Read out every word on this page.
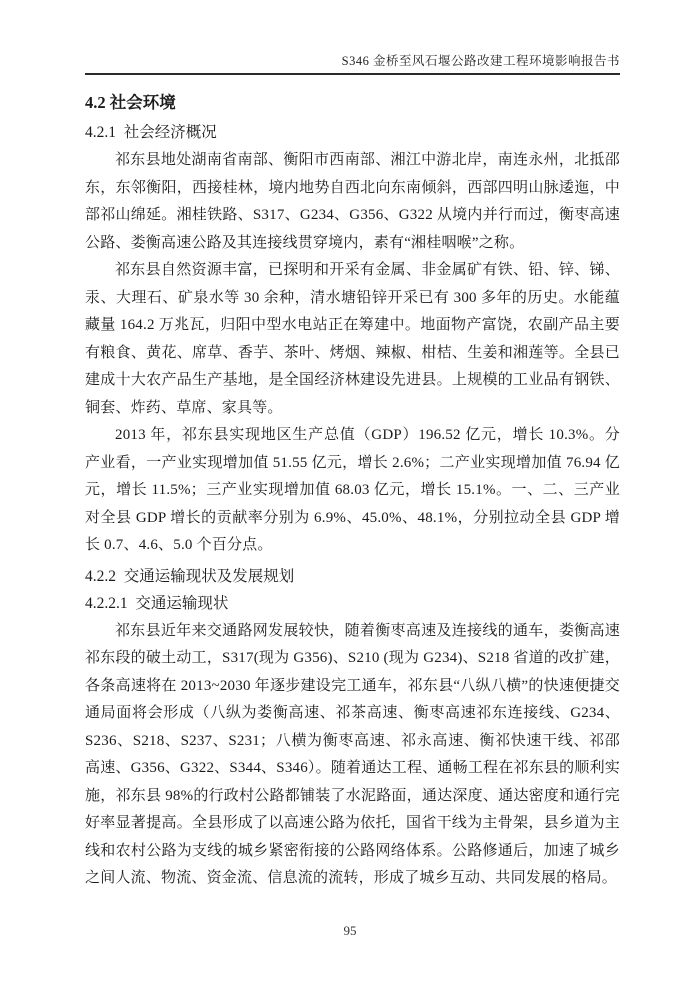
S346 金桥至风石堰公路改建工程环境影响报告书
4.2 社会环境
4.2.1  社会经济概况

祁东县地处湖南省南部、衡阳市西南部、湘江中游北岸，南连永州，北抵邵东，东邻衡阳，西接桂林，境内地势自西北向东南倾斜，西部四明山脉逶迤，中部祁山绵延。湘桂铁路、S317、G234、G356、G322 从境内并行而过，衡枣高速公路、娄衡高速公路及其连接线贯穿境内，素有“湘桂咽喉”之称。

祁东县自然资源丰富，已探明和开采有金属、非金属矿有铁、铅、锌、锑、汞、大理石、矿泉水等 30 余种，清水塘铅锌开采已有 300 多年的历史。水能蕴藏量 164.2 万兆瓦，归阳中型水电站正在筹建中。地面物产富饶，农副产品主要有粮食、黄花、席草、香芋、茶叶、烤烟、辣椒、柑桔、生姜和湘莲等。全县已建成十大农产品生产基地，是全国经济林建设先进县。上规模的工业品有钢铁、铜套、炸药、草席、家具等。

2013 年，祁东县实现地区生产总值（GDP）196.52 亿元，增长 10.3%。分产业看，一产业实现增加值 51.55 亿元，增长 2.6%；二产业实现增加值 76.94 亿元，增长 11.5%；三产业实现增加值 68.03 亿元，增长 15.1%。一、二、三产业对全县 GDP 增长的贡献率分别为 6.9%、45.0%、48.1%，分别拉动全县 GDP 增长 0.7、4.6、5.0 个百分点。

4.2.2  交通运输现状及发展规划
4.2.2.1  交通运输现状

祁东县近年来交通路网发展较快，随着衡枣高速及连接线的通车，娄衡高速祁东段的破土动工，S317(现为 G356)、S210 (现为 G234)、S218 省道的改扩建，各条高速将在 2013~2030 年逐步建设完工通车，祁东县“八纵八横”的快速便捷交通局面将会形成（八纵为娄衡高速、祁茶高速、衡枣高速祁东连接线、G234、S236、S218、S237、S231；八横为衡枣高速、祁永高速、衡祁快速干线、祁邵高速、G356、G322、S344、S346）。随着通达工程、通畅工程在祁东县的顺利实施，祁东县 98%的行政村公路都铺装了水泥路面，通达深度、通达密度和通行完好率显著提高。全县形成了以高速公路为依托，国省干线为主骨架，县乡道为主线和农村公路为支线的城乡紧密衔接的公路网络体系。公路修通后，加速了城乡之间人流、物流、资金流、信息流的流转，形成了城乡互动、共同发展的格局。

95
